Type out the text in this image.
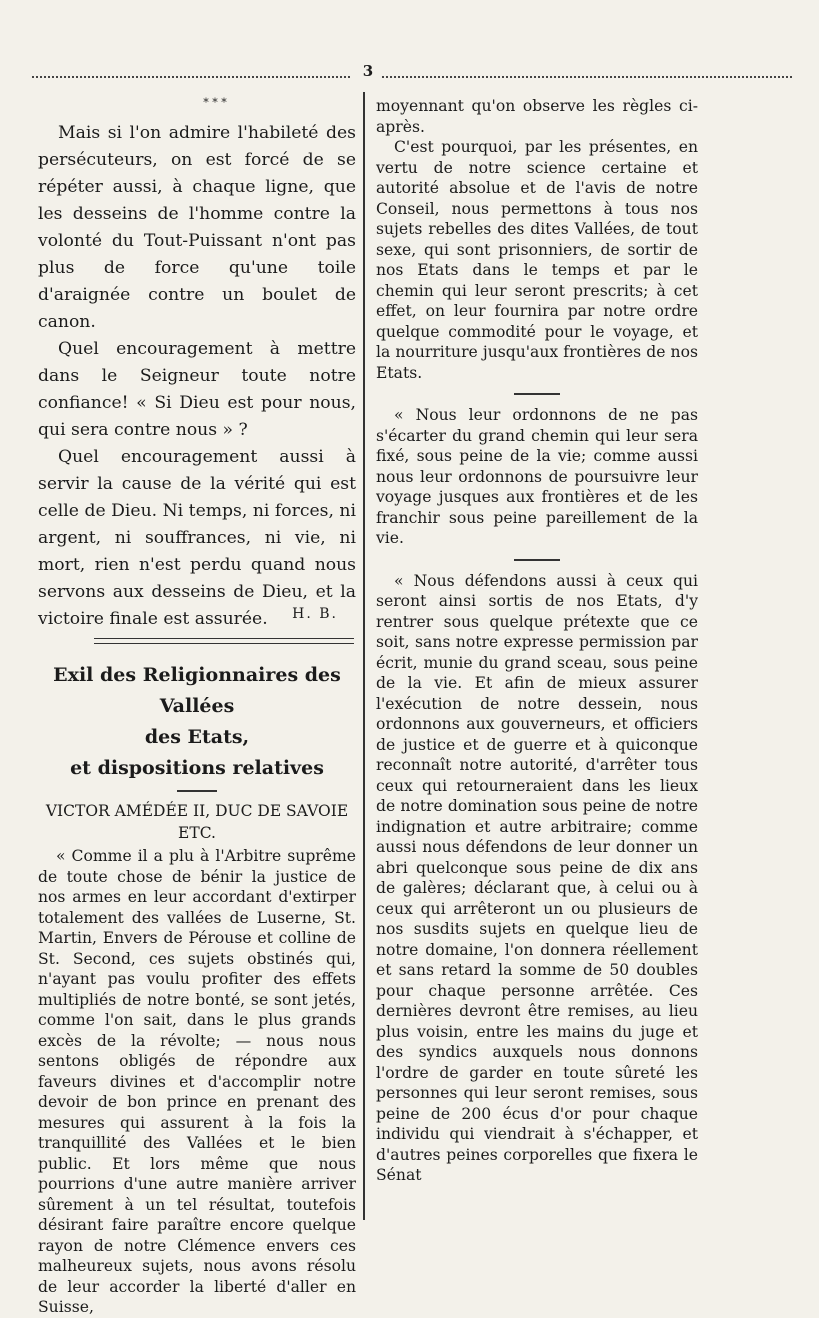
3
* * *

Mais si l'on admire l'habileté des persécuteurs, on est forcé de se répéter aussi, à chaque ligne, que les desseins de l'homme contre la volonté du Tout-Puissant n'ont pas plus de force qu'une toile d'araignée contre un boulet de canon.

Quel encouragement à mettre dans le Seigneur toute notre confiance! « Si Dieu est pour nous, qui sera contre nous » ?

Quel encouragement aussi à servir la cause de la vérité qui est celle de Dieu. Ni temps, ni forces, ni argent, ni souffrances, ni vie, ni mort, rien n'est perdu quand nous servons aux desseins de Dieu, et la victoire finale est assurée.	H. B.
Exil des Religionnaires des Vallées
des Etats,
et dispositions relatives
VICTOR AMÉDÉE II, DUC DE SAVOIE ETC.

« Comme il a plu à l'Arbitre suprême de toute chose de bénir la justice de nos armes en leur accordant d'extirper totalement des vallées de Luserne, St. Martin, Envers de Pérouse et colline de St. Second, ces sujets obstinés qui, n'ayant pas voulu profiter des effets multipliés de notre bonté, se sont jetés, comme l'on sait, dans le plus grands excès de la révolte; — nous nous sentons obligés de répondre aux faveurs divines et d'accomplir notre devoir de bon prince en prenant des mesures qui assurent à la fois la tranquillité des Vallées et le bien public. Et lors même que nous pourrions d'une autre manière arriver sûrement à un tel résultat, toutefois désirant faire paraître encore quelque rayon de notre Clémence envers ces malheureux sujets, nous avons résolu de leur accorder la liberté d'aller en Suisse,

moyennant qu'on observe les règles ci-après.

C'est pourquoi, par les présentes, en vertu de notre science certaine et autorité absolue et de l'avis de notre Conseil, nous permettons à tous nos sujets rebelles des dites Vallées, de tout sexe, qui sont prisonniers, de sortir de nos Etats dans le temps et par le chemin qui leur seront prescrits; à cet effet, on leur fournira par notre ordre quelque commodité pour le voyage, et la nourriture jusqu'aux frontières de nos Etats.

« Nous leur ordonnons de ne pas s'écarter du grand chemin qui leur sera fixé, sous peine de la vie; comme aussi nous leur ordonnons de poursuivre leur voyage jusques aux frontières et de les franchir sous peine pareillement de la vie.

« Nous défendons aussi à ceux qui seront ainsi sortis de nos Etats, d'y rentrer sous quelque prétexte que ce soit, sans notre expresse permission par écrit, munie du grand sceau, sous peine de la vie. Et afin de mieux assurer l'exécution de notre dessein, nous ordonnons aux gouverneurs, et officiers de justice et de guerre et à quiconque reconnaît notre autorité, d'arrêter tous ceux qui retourneraient dans les lieux de notre domination sous peine de notre indignation et autre arbitraire; comme aussi nous défendons de leur donner un abri quelconque sous peine de dix ans de galères; déclarant que, à celui ou à ceux qui arrêteront un ou plusieurs de nos susdits sujets en quelque lieu de notre domaine, l'on donnera réellement et sans retard la somme de 50 doubles pour chaque personne arrêtée. Ces dernières devront être remises, au lieu plus voisin, entre les mains du juge et des syndics auxquels nous donnons l'ordre de garder en toute sûreté les personnes qui leur seront remises, sous peine de 200 écus d'or pour chaque individu qui viendrait à s'échapper, et d'autres peines corporelles que fixera le Sénat
